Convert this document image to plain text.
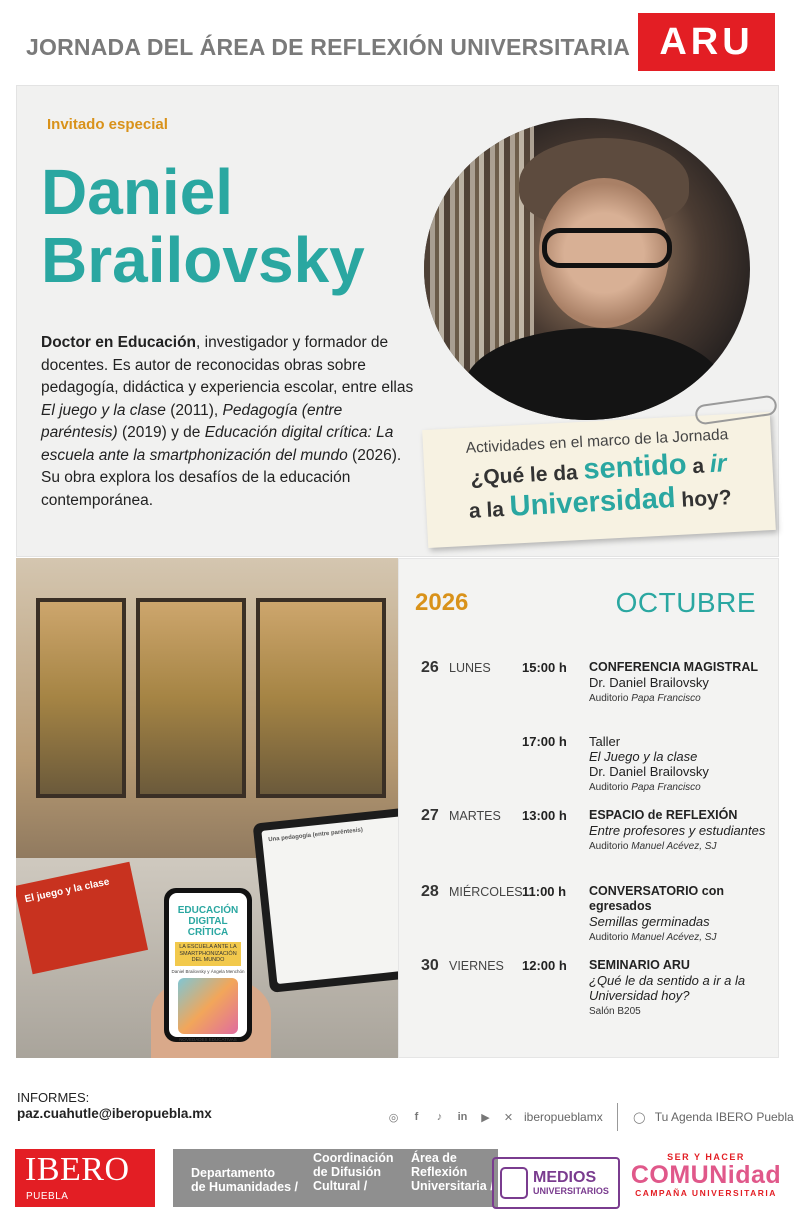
JORNADA DEL ÁREA DE REFLEXIÓN UNIVERSITARIA ARU
Invitado especial
Daniel
Brailovsky

Doctor en Educación, investigador y formador de docentes. Es autor de reconocidas obras sobre pedagogía, didáctica y experiencia escolar, entre ellas El juego y la clase (2011), Pedagogía (entre paréntesis) (2019) y de Educación digital crítica: La escuela ante la smartphonización del mundo (2026). Su obra explora los desafíos de la educación contemporánea.

Actividades en el marco de la Jornada
¿Qué le da sentido a ir
a la Universidad hoy?
El juego y la clase
Una pedagogía (entre paréntesis)
EDUCACIÓN
DIGITAL CRÍTICA
LA ESCUELA ANTE LA SMARTPHONIZACIÓN DEL MUNDO
Daniel Brailovsky y Ángela Menchón
NOVEDADES EDUCATIVAS
2026	OCTUBRE
26 LUNES 15:00 h CONFERENCIA MAGISTRAL
Dr. Daniel Brailovsky
Auditorio Papa Francisco
17:00 h Taller
El Juego y la clase
Dr. Daniel Brailovsky
Auditorio Papa Francisco
27 MARTES 13:00 h ESPACIO de REFLEXIÓN
Entre profesores y estudiantes
Auditorio Manuel Acévez, SJ
28 MIÉRCOLES 11:00 h CONVERSATORIO con egresados
Semillas germinadas
Auditorio Manuel Acévez, SJ
30 VIERNES 12:00 h SEMINARIO ARU
¿Qué le da sentido a ir a la Universidad hoy?
Salón B205
INFORMES:
paz.cuahutle@iberopuebla.mx	◎	f	♪	in ▶ ✕ iberopueblamx	◯ Tu Agenda IBERO Puebla
IBERO
PUEBLA
Departamento
de Humanidades /
Coordinación
de Difusión
Cultural /
Área de
Reflexión
Universitaria / MEDIOS
UNIVERSITARIOS
SER Y HACER
COMUNidad
CAMPAÑA UNIVERSITARIA
